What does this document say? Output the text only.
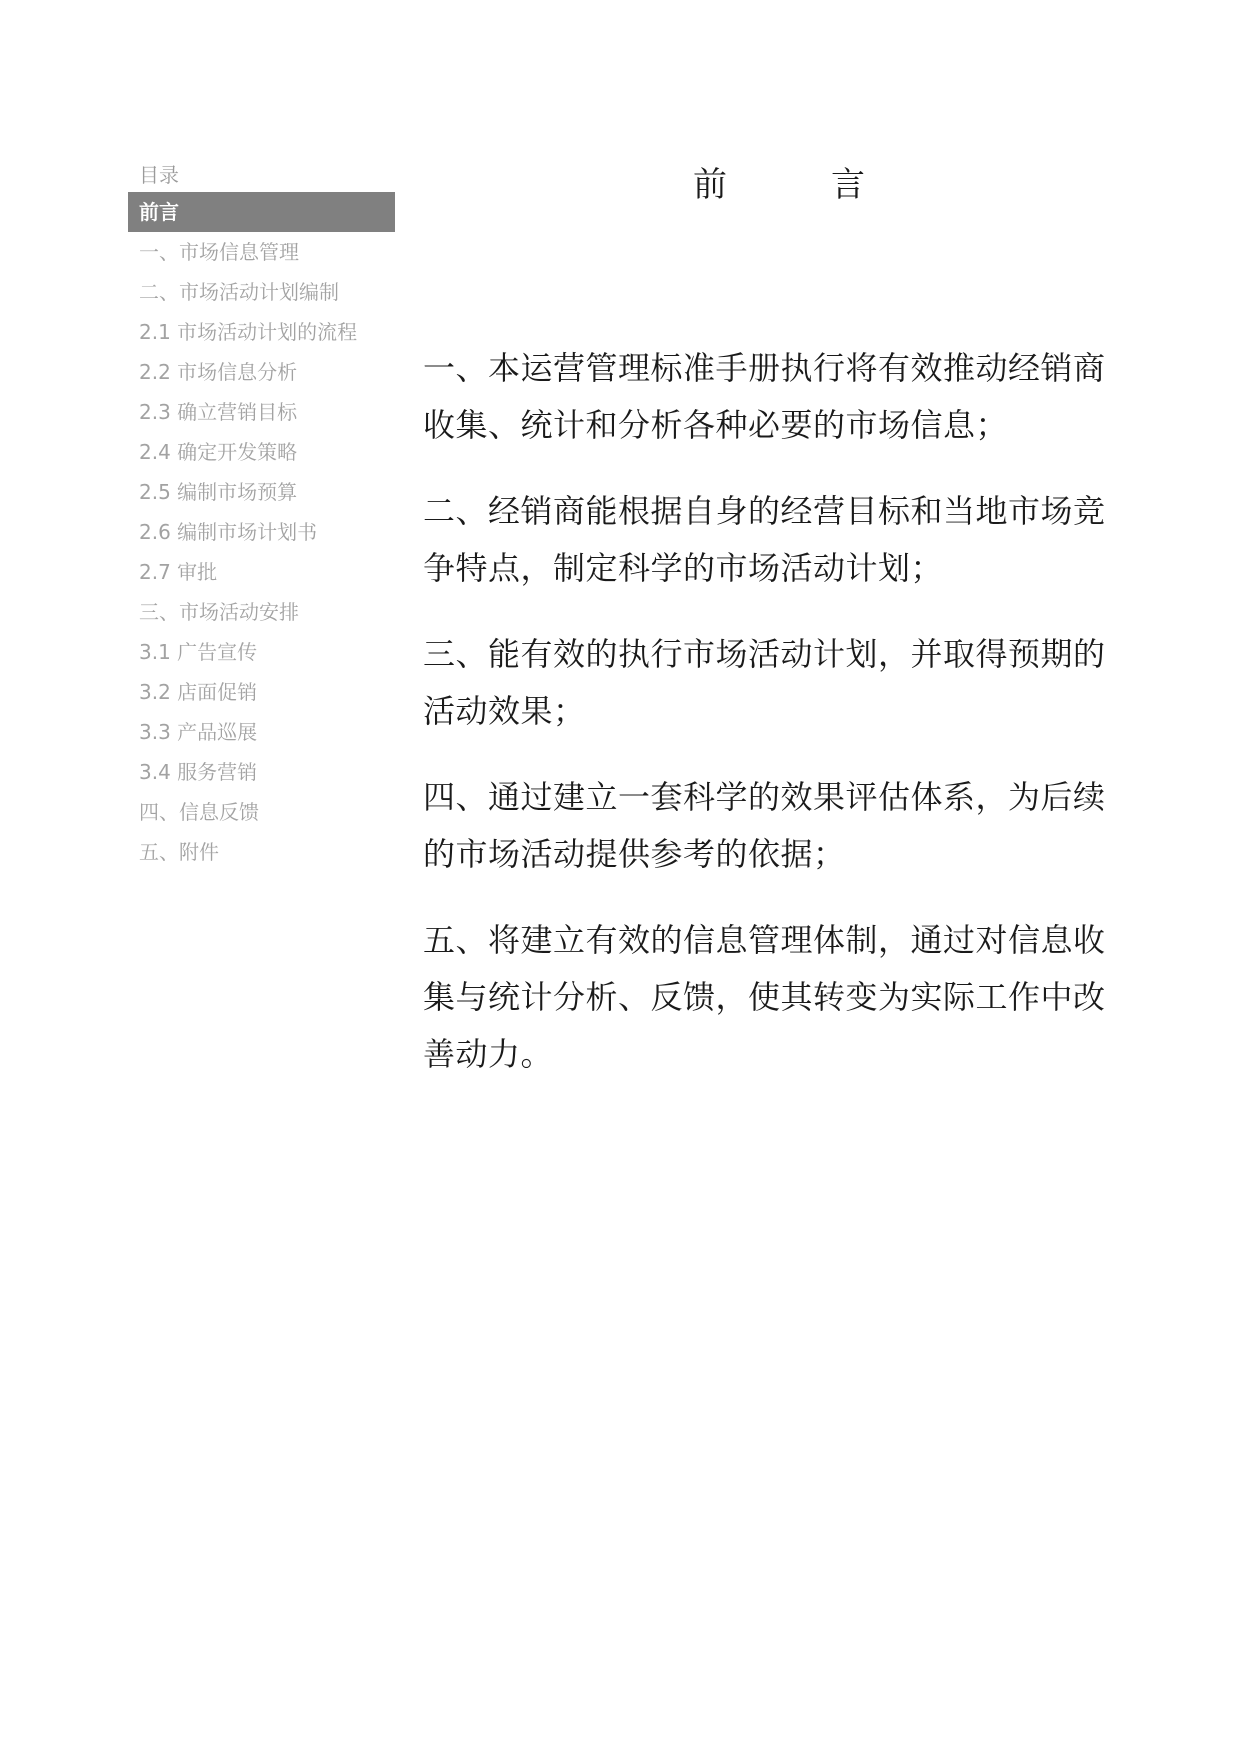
目录
前言
一、市场信息管理
二、市场活动计划编制
2.1 市场活动计划的流程
2.2 市场信息分析
2.3 确立营销目标
2.4 确定开发策略
2.5 编制市场预算
2.6 编制市场计划书
2.7 审批
三、市场活动安排
3.1 广告宣传
3.2 店面促销
3.3 产品巡展
3.4 服务营销
四、信息反馈
五、附件
前	言

一、本运营管理标准手册执行将有效推动经销商收集、统计和分析各种必要的市场信息；

二、经销商能根据自身的经营目标和当地市场竞争特点，制定科学的市场活动计划；

三、能有效的执行市场活动计划，并取得预期的活动效果；

四、通过建立一套科学的效果评估体系，为后续的市场活动提供参考的依据；

五、将建立有效的信息管理体制，通过对信息收集与统计分析、反馈，使其转变为实际工作中改善动力。
